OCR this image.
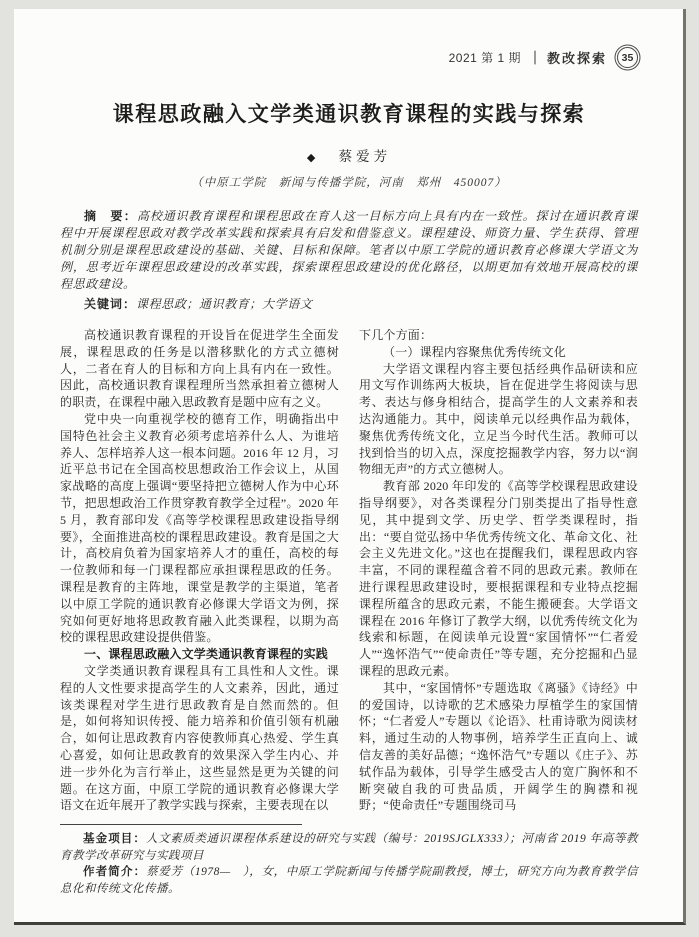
2021 第 1 期 ｜ 教改探索	35
课程思政融入文学类通识教育课程的实践与探索
◆ 蔡爱芳
（中原工学院　新闻与传播学院，河南　郑州　450007）

摘　要：高校通识教育课程和课程思政在育人这一目标方向上具有内在一致性。探讨在通识教育课程中开展课程思政对教学改革实践和探索具有启发和借鉴意义。课程建设、师资力量、学生获得、管理机制分别是课程思政建设的基础、关键、目标和保障。笔者以中原工学院的通识教育必修课大学语文为例，思考近年课程思政建设的改革实践，探索课程思政建设的优化路径，以期更加有效地开展高校的课程思政建设。

关键词：课程思政；通识教育；大学语文

高校通识教育课程的开设旨在促进学生全面发展，课程思政的任务是以潜移默化的方式立德树人，二者在育人的目标和方向上具有内在一致性。因此，高校通识教育课程理所当然承担着立德树人的职责，在课程中融入思政教育是题中应有之义。

党中央一向重视学校的德育工作，明确指出中国特色社会主义教育必须考虑培养什么人、为谁培养人、怎样培养人这一根本问题。2016 年 12 月，习近平总书记在全国高校思想政治工作会议上，从国家战略的高度上强调“要坚持把立德树人作为中心环节，把思想政治工作贯穿教育教学全过程”。2020 年 5 月，教育部印发《高等学校课程思政建设指导纲要》，全面推进高校的课程思政建设。教育是国之大计，高校肩负着为国家培养人才的重任，高校的每一位教师和每一门课程都应承担课程思政的任务。课程是教育的主阵地，课堂是教学的主渠道，笔者以中原工学院的通识教育必修课大学语文为例，探究如何更好地将思政教育融入此类课程，以期为高校的课程思政建设提供借鉴。

一、课程思政融入文学类通识教育课程的实践

文学类通识教育课程具有工具性和人文性。课程的人文性要求提高学生的人文素养，因此，通过该类课程对学生进行思政教育是自然而然的。但是，如何将知识传授、能力培养和价值引领有机融合，如何让思政教育内容使教师真心热爱、学生真心喜爱，如何让思政教育的效果深入学生内心、并进一步外化为言行举止，这些显然是更为关键的问题。在这方面，中原工学院的通识教育必修课大学语文在近年展开了教学实践与探索，主要表现在以

下几个方面：

（一）课程内容聚焦优秀传统文化

大学语文课程内容主要包括经典作品研读和应用文写作训练两大板块，旨在促进学生将阅读与思考、表达与修身相结合，提高学生的人文素养和表达沟通能力。其中，阅读单元以经典作品为载体，聚焦优秀传统文化，立足当今时代生活。教师可以找到恰当的切入点，深度挖掘教学内容，努力以“润物细无声”的方式立德树人。

教育部 2020 年印发的《高等学校课程思政建设指导纲要》，对各类课程分门别类提出了指导性意见，其中提到文学、历史学、哲学类课程时，指出：“要自觉弘扬中华优秀传统文化、革命文化、社会主义先进文化。”这也在提醒我们，课程思政内容丰富，不同的课程蕴含着不同的思政元素。教师在进行课程思政建设时，要根据课程和专业特点挖掘课程所蕴含的思政元素，不能生搬硬套。大学语文课程在 2016 年修订了教学大纲，以优秀传统文化为线索和标题，在阅读单元设置“家国情怀”“仁者爱人”“逸怀浩气”“使命责任”等专题，充分挖掘和凸显课程的思政元素。

其中，“家国情怀”专题选取《离骚》《诗经》中的爱国诗，以诗歌的艺术感染力厚植学生的家国情怀；“仁者爱人”专题以《论语》、杜甫诗歌为阅读材料，通过生动的人物事例，培养学生正直向上、诚信友善的美好品德；“逸怀浩气”专题以《庄子》、苏轼作品为载体，引导学生感受古人的宽广胸怀和不断突破自我的可贵品质，开阔学生的胸襟和视野；“使命责任”专题围绕司马

基金项目：人文素质类通识课程体系建设的研究与实践（编号：2019SJGLX333）；河南省 2019 年高等教育教学改革研究与实践项目

作者简介：蔡爱芳（1978—　），女，中原工学院新闻与传播学院副教授，博士，研究方向为教育教学信息化和传统文化传播。
